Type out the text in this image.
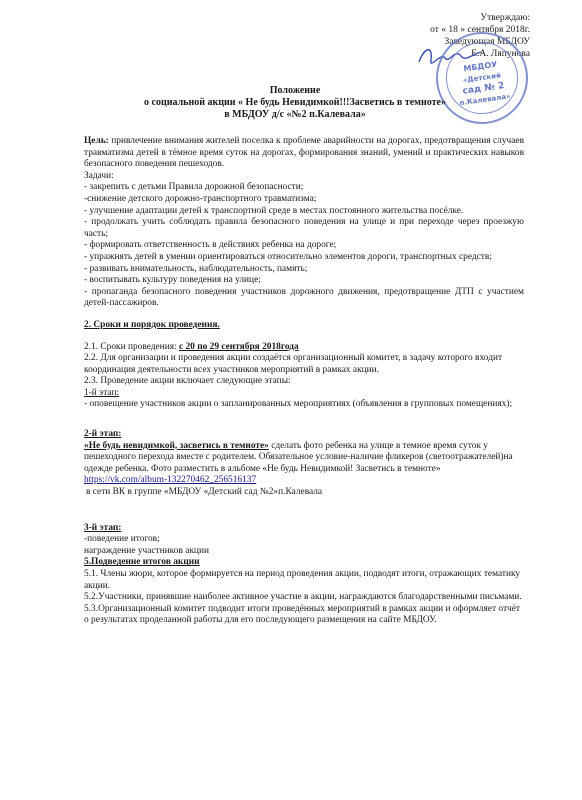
Утверждаю:
от « 18 » сентября 2018г.
Заведующая МБДОУ
Е.А. Ляпунова
МБДОУ
«Детский
сад № 2
п.Калевала»
Положение
о социальной акции « Не будь Невидимкой!!!Засветись в темноте»
в МБДОУ д/с «№2 п.Калевала»

Цель: привлечение внимания жителей поселка к проблеме аварийности на дорогах, предотвращения случаев травматизма детей в тёмное время суток на дорогах, формирования знаний, умений и практических навыков безопасного поведения пешеходов.

Задачи:

- закрепить с детьми Правила дорожной безопасности;

-снижение детского дорожно-транспортного травматизма;

- улучшение адаптации детей к транспортной среде в местах постоянного жительства посёлке.

- продолжать учить соблюдать правила безопасного поведения на улице и при переходе через проезжую часть;

- формировать ответственность в действиях ребенка на дороге;

- упражнять детей в умении ориентироваться относительно элементов дороги, транспортных средств;

- развивать внимательность, наблюдательность, память;

- воспитывать культуру поведения на улице;

- пропаганда безопасного поведения участников дорожного движения, предотвращение ДТП с участием детей-пассажиров.

2. Сроки и порядок проведения.

2.1. Сроки проведения: с 20 по 29 сентября 2018года

2.2. Для организации и проведения акции создаётся организационный комитет, в задачу которого входит координация деятельности всех участников мероприятий в рамках акции.

2.3. Проведение акции включает следующие этапы:

1-й этап:

- оповещение участников акции о запланированных мероприятиях (объявления в групповых помещениях);

2-й этап:

«Не будь невидимкой, засветись в темноте» сделать фото ребенка на улице в темное время суток у пешеходного перехода вместе с родителем. Обязательное условие-наличие фликеров (светоотражателей)на одежде ребенка. Фото разместить в альбоме «Не будь Невидимкой! Засветись в темноте» https://vk.com/album-132270462_256516137

в сети ВК в группе «МБДОУ «Детский сад №2»п.Калевала

3-й этап:

-поведение итогов;

награждение участников акции

5.Подведение итогов акции

5.1. Члены жюри, которое формируется на период проведения акции, подводят итоги, отражающих тематику акции.

5.2.Участники, принявшие наиболее активное участие в акции, награждаются благодарственными письмами.

5.3.Организационный комитет подводит итоги проведённых мероприятий в рамках акции и оформляет отчёт о результатах проделанной работы для его последующего размещения на сайте МБДОУ.
